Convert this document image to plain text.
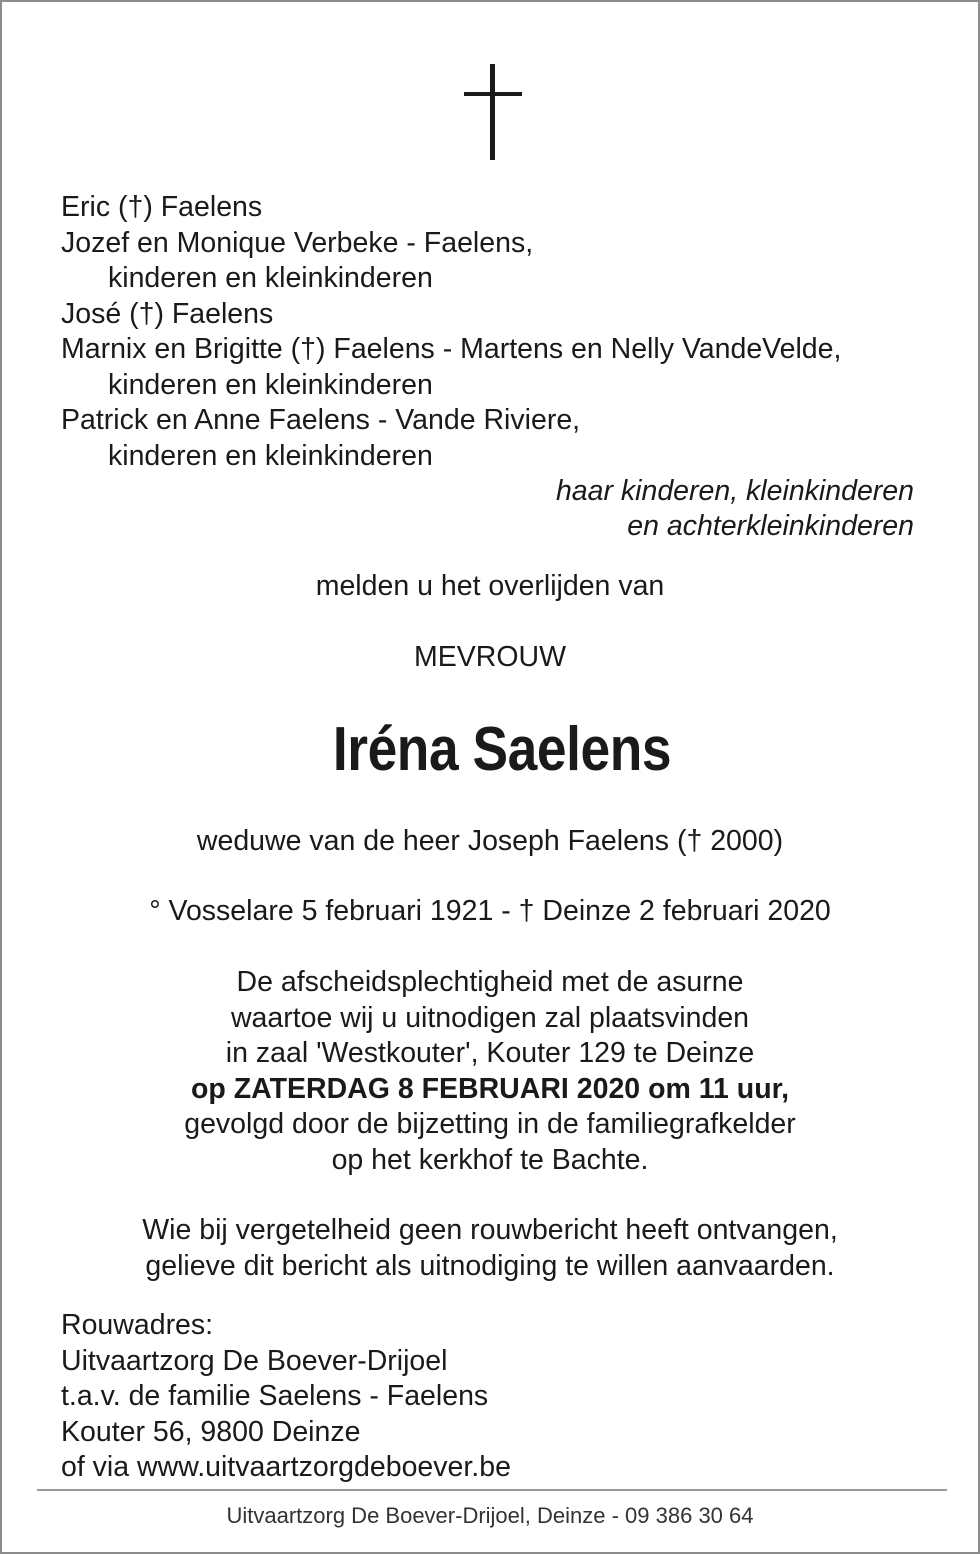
Eric (†) Faelens
Jozef en Monique Verbeke - Faelens,
kinderen en kleinkinderen
José (†) Faelens
Marnix en Brigitte (†) Faelens - Martens en Nelly VandeVelde,
kinderen en kleinkinderen
Patrick en Anne Faelens - Vande Riviere,
kinderen en kleinkinderen
haar kinderen, kleinkinderen
en achterkleinkinderen
melden u het overlijden van
MEVROUW
Iréna Saelens
weduwe van de heer Joseph Faelens († 2000)
° Vosselare 5 februari 1921 - † Deinze 2 februari 2020
De afscheidsplechtigheid met de asurne
waartoe wij u uitnodigen zal plaatsvinden
in zaal 'Westkouter', Kouter 129 te Deinze
op ZATERDAG 8 FEBRUARI 2020 om 11 uur,
gevolgd door de bijzetting in de familiegrafkelder
op het kerkhof te Bachte.
Wie bij vergetelheid geen rouwbericht heeft ontvangen,
gelieve dit bericht als uitnodiging te willen aanvaarden.
Rouwadres:
Uitvaartzorg De Boever-Drijoel
t.a.v. de familie Saelens - Faelens
Kouter 56, 9800 Deinze
of via www.uitvaartzorgdeboever.be
Uitvaartzorg De Boever-Drijoel, Deinze - 09 386 30 64
